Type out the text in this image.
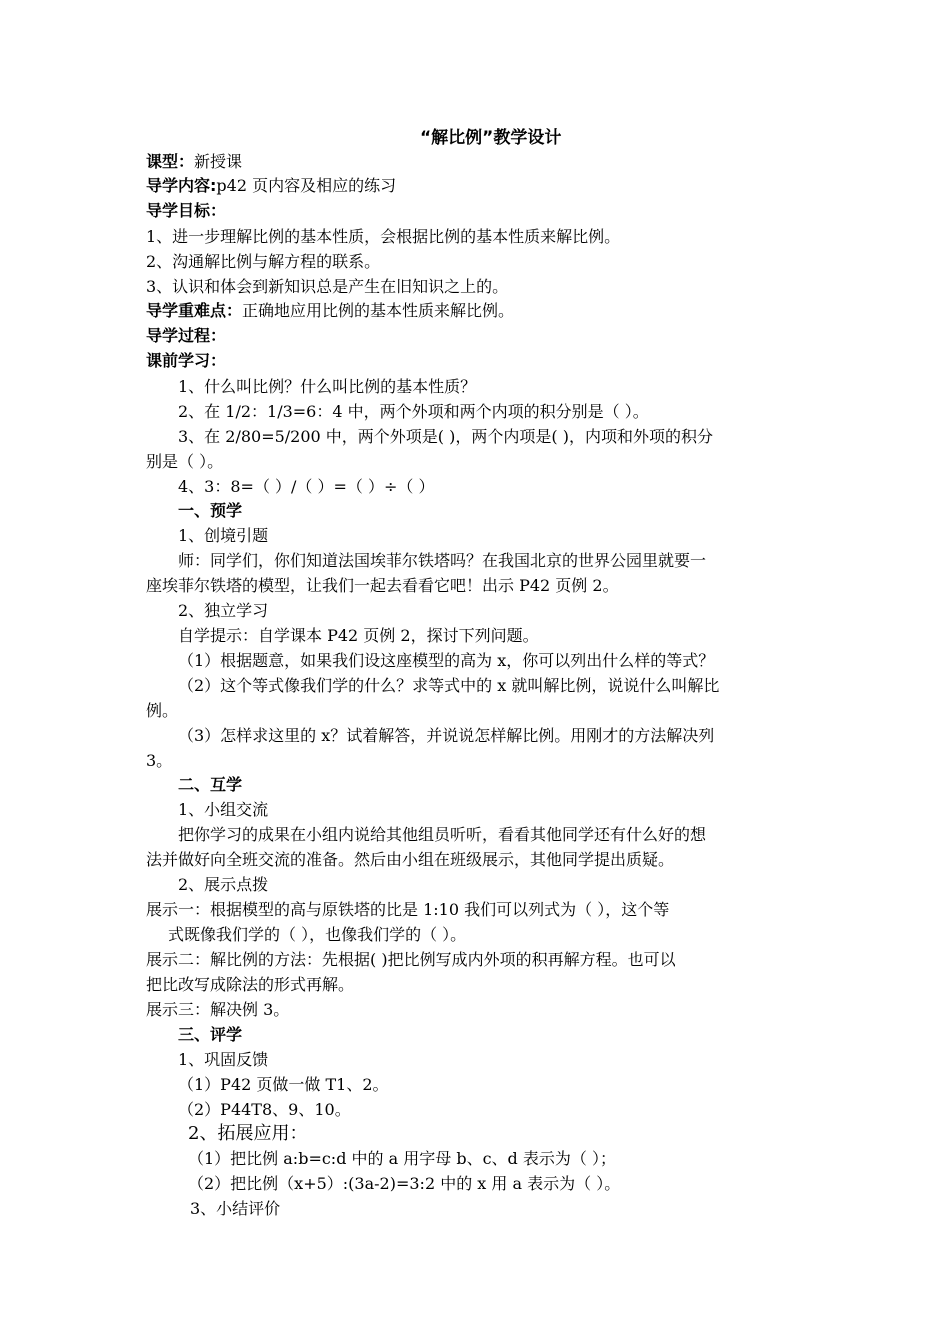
“解比例”教学设计
课型：新授课
导学内容:p42 页内容及相应的练习
导学目标：
1、进一步理解比例的基本性质，会根据比例的基本性质来解比例。
2、沟通解比例与解方程的联系。
3、认识和体会到新知识总是产生在旧知识之上的。
导学重难点：正确地应用比例的基本性质来解比例。
导学过程：
课前学习：
1、什么叫比例？什么叫比例的基本性质？
2、在 1/2：1/3=6：4 中，两个外项和两个内项的积分别是（ ）。
3、在 2/80=5/200 中，两个外项是( )，两个内项是( )，内项和外项的积分
别是（ ）。
4、3：8=（ ）/（ ）=（ ）÷（ ）
一、预学
1、创境引题
师：同学们，你们知道法国埃菲尔铁塔吗？在我国北京的世界公园里就要一
座埃菲尔铁塔的模型，让我们一起去看看它吧！出示 P42 页例 2。
2、独立学习
自学提示：自学课本 P42 页例 2，探讨下列问题。
（1）根据题意，如果我们设这座模型的高为 x，你可以列出什么样的等式？
（2）这个等式像我们学的什么？求等式中的 x 就叫解比例，说说什么叫解比
例。
（3）怎样求这里的 x？试着解答，并说说怎样解比例。用刚才的方法解决列
3。
二、互学
1、小组交流
把你学习的成果在小组内说给其他组员听听，看看其他同学还有什么好的想
法并做好向全班交流的准备。然后由小组在班级展示，其他同学提出质疑。
2、展示点拨
展示一：根据模型的高与原铁塔的比是 1:10 我们可以列式为（ ），这个等
式既像我们学的（ ），也像我们学的（ ）。
展示二：解比例的方法：先根据( )把比例写成内外项的积再解方程。也可以
把比改写成除法的形式再解。
展示三：解决例 3。
三、评学
1、巩固反馈
（1）P42 页做一做 T1、2。
（2）P44T8、9、10。
2、拓展应用：
（1）把比例 a:b=c:d 中的 a 用字母 b、c、d 表示为（ ）；
（2）把比例（x+5）:(3a-2)=3:2 中的 x 用 a 表示为（ ）。
3、小结评价
